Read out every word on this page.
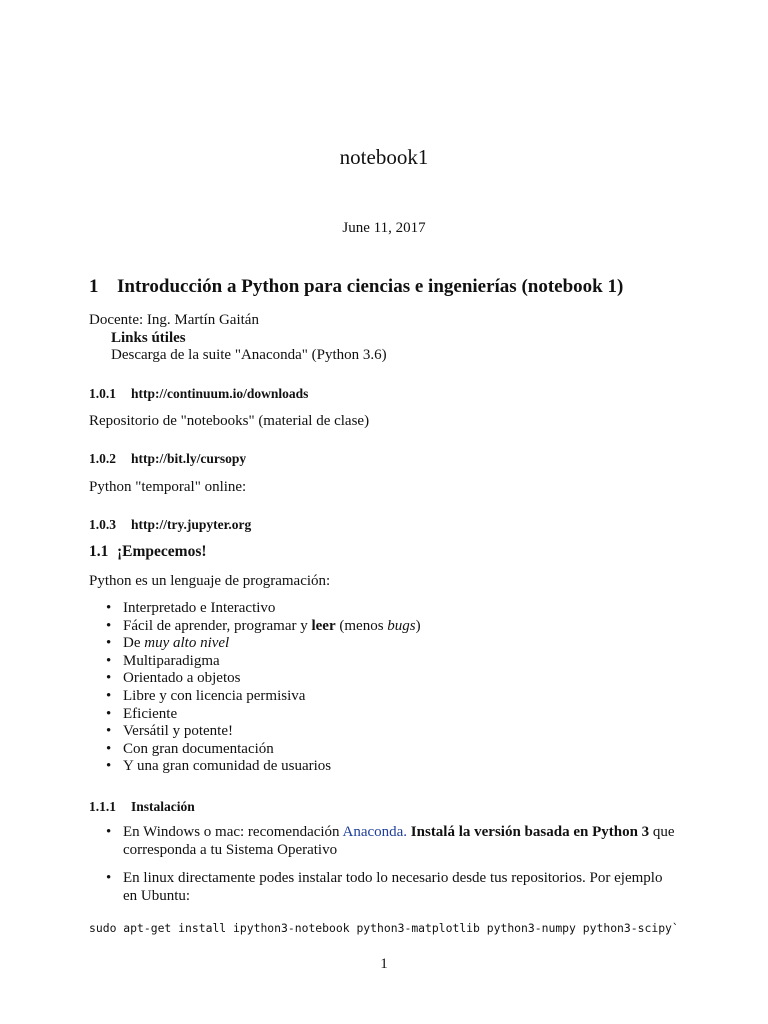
notebook1
June 11, 2017
1 Introducción a Python para ciencias e ingenierías (notebook 1)
Docente: Ing. Martín Gaitán
Links útiles
Descarga de la suite "Anaconda" (Python 3.6)
1.0.1 http://continuum.io/downloads
Repositorio de "notebooks" (material de clase)
1.0.2 http://bit.ly/cursopy
Python "temporal" online:
1.0.3 http://try.jupyter.org
1.1 ¡Empecemos!
Python es un lenguaje de programación:
• Interpretado e Interactivo
• Fácil de aprender, programar y leer (menos bugs)
• De muy alto nivel
• Multiparadigma
• Orientado a objetos
• Libre y con licencia permisiva
• Eficiente
• Versátil y potente!
• Con gran documentación
• Y una gran comunidad de usuarios
1.1.1 Instalación
• En Windows o mac: recomendación Anaconda. Instalá la versión basada en Python 3 que
corresponda a tu Sistema Operativo
• En linux directamente podes instalar todo lo necesario desde tus repositorios. Por ejemplo
en Ubuntu:
sudo apt-get install ipython3-notebook python3-matplotlib python3-numpy python3-scipy`
1
